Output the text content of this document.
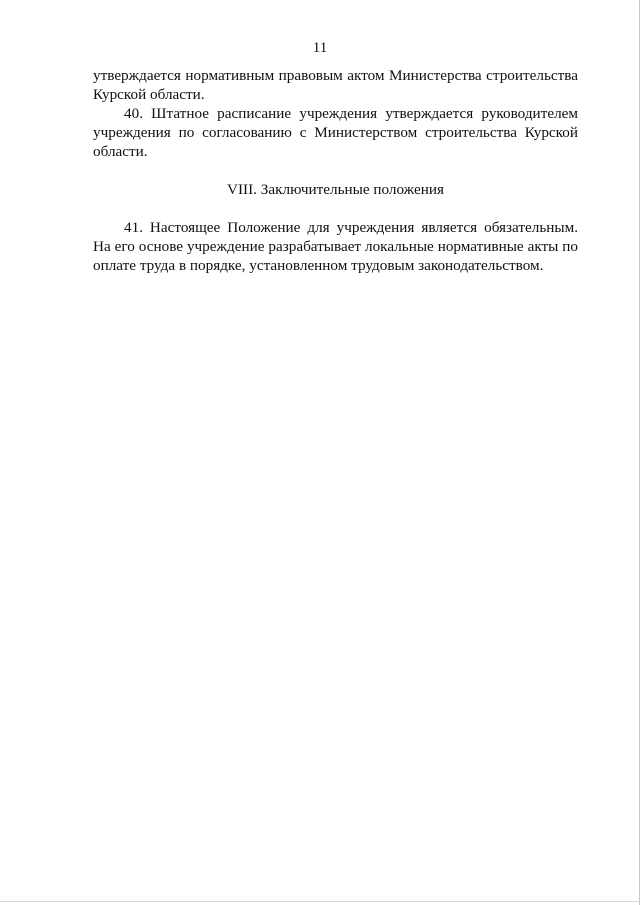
11

утверждается нормативным правовым актом Министерства строительства Курской области.

40. Штатное расписание учреждения утверждается руководителем учреждения по согласованию с Министерством строительства Курской области.

VIII. Заключительные положения

41. Настоящее Положение для учреждения является обязательным. На его основе учреждение разрабатывает локальные нормативные акты по оплате труда в порядке, установленном трудовым законодательством.
